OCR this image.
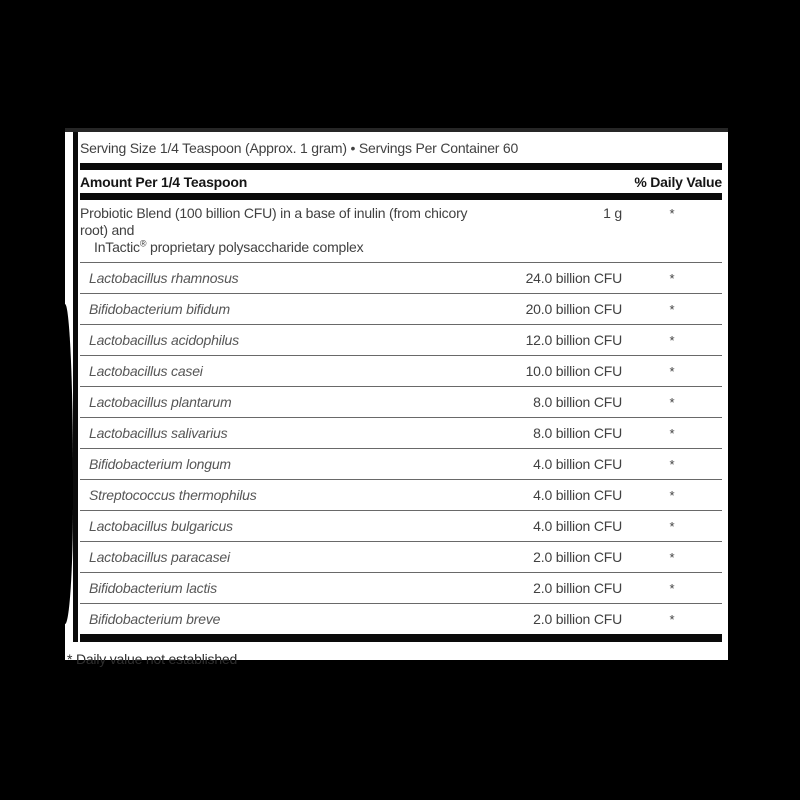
Serving Size 1/4 Teaspoon (Approx. 1 gram) • Servings Per Container 60
Amount Per 1/4 Teaspoon	% Daily Value
Probiotic Blend (100 billion CFU) in a base of inulin (from chicory root) and
InTactic® proprietary polysaccharide complex
1 g	*
Lactobacillus rhamnosus	24.0 billion CFU	*
Bifidobacterium bifidum	20.0 billion CFU	*
Lactobacillus acidophilus	12.0 billion CFU	*
Lactobacillus casei	10.0 billion CFU	*
Lactobacillus plantarum	8.0 billion CFU	*
Lactobacillus salivarius	8.0 billion CFU	*
Bifidobacterium longum	4.0 billion CFU	*
Streptococcus thermophilus	4.0 billion CFU	*
Lactobacillus bulgaricus	4.0 billion CFU	*
Lactobacillus paracasei	2.0 billion CFU	*
Bifidobacterium lactis	2.0 billion CFU	*
Bifidobacterium breve	2.0 billion CFU	*
* Daily value not established
